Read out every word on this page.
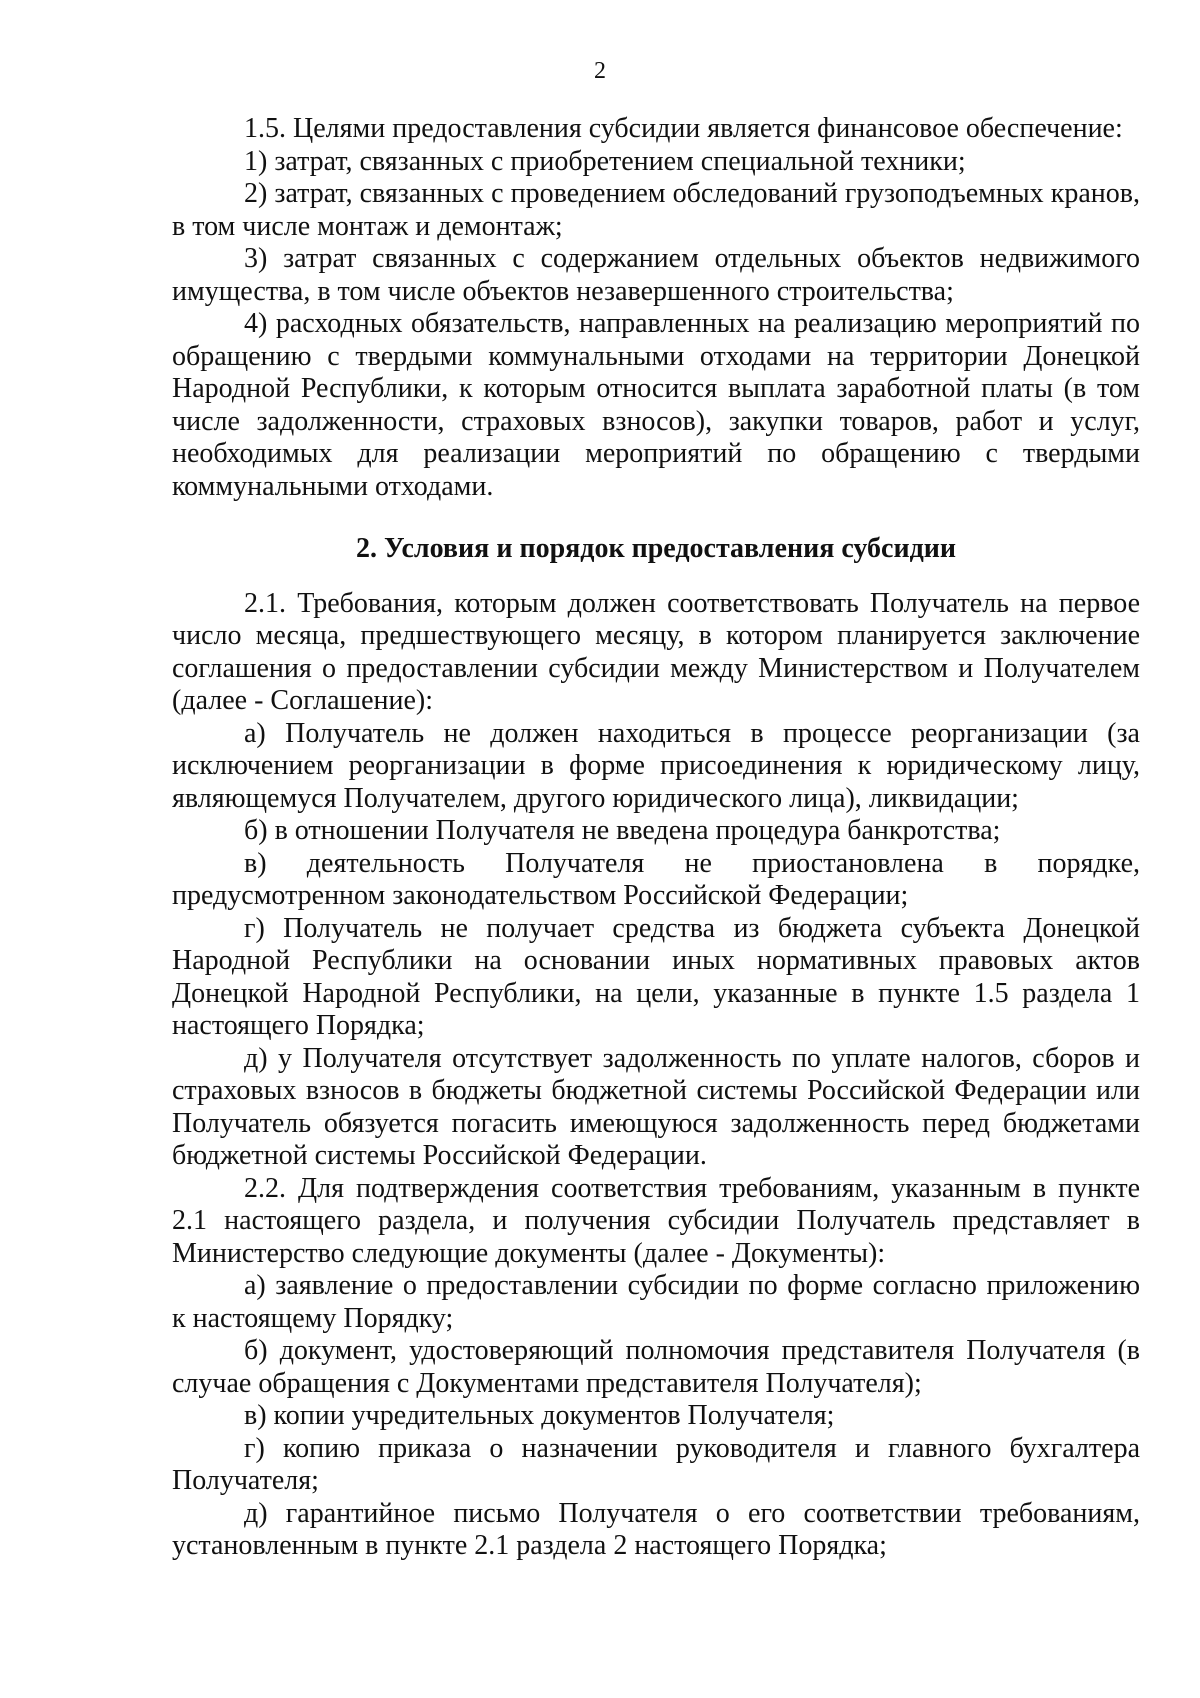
2

1.5. Целями предоставления субсидии является финансовое обеспечение:

1) затрат, связанных с приобретением специальной техники;

2) затрат, связанных с проведением обследований грузоподъемных кранов, в том числе монтаж и демонтаж;

3) затрат связанных с содержанием отдельных объектов недвижимого имущества, в том числе объектов незавершенного строительства;

4) расходных обязательств, направленных на реализацию мероприятий по обращению с твердыми коммунальными отходами на территории Донецкой Народной Республики, к которым относится выплата заработной платы (в том числе задолженности, страховых взносов), закупки товаров, работ и услуг, необходимых для реализации мероприятий по обращению с твердыми коммунальными отходами.

2. Условия и порядок предоставления субсидии

2.1. Требования, которым должен соответствовать Получатель на первое число месяца, предшествующего месяцу, в котором планируется заключение соглашения о предоставлении субсидии между Министерством и Получателем (далее - Соглашение):

а) Получатель не должен находиться в процессе реорганизации (за исключением реорганизации в форме присоединения к юридическому лицу, являющемуся Получателем, другого юридического лица), ликвидации;

б) в отношении Получателя не введена процедура банкротства;

в) деятельность Получателя не приостановлена в порядке, предусмотренном законодательством Российской Федерации;

г) Получатель не получает средства из бюджета субъекта Донецкой Народной Республики на основании иных нормативных правовых актов Донецкой Народной Республики, на цели, указанные в пункте 1.5 раздела 1 настоящего Порядка;

д) у Получателя отсутствует задолженность по уплате налогов, сборов и страховых взносов в бюджеты бюджетной системы Российской Федерации или Получатель обязуется погасить имеющуюся задолженность перед бюджетами бюджетной системы Российской Федерации.

2.2. Для подтверждения соответствия требованиям, указанным в пункте 2.1 настоящего раздела, и получения субсидии Получатель представляет в Министерство следующие документы (далее - Документы):

а) заявление о предоставлении субсидии по форме согласно приложению к настоящему Порядку;

б) документ, удостоверяющий полномочия представителя Получателя (в случае обращения с Документами представителя Получателя);

в) копии учредительных документов Получателя;

г) копию приказа о назначении руководителя и главного бухгалтера Получателя;

д) гарантийное письмо Получателя о его соответствии требованиям, установленным в пункте 2.1 раздела 2 настоящего Порядка;
